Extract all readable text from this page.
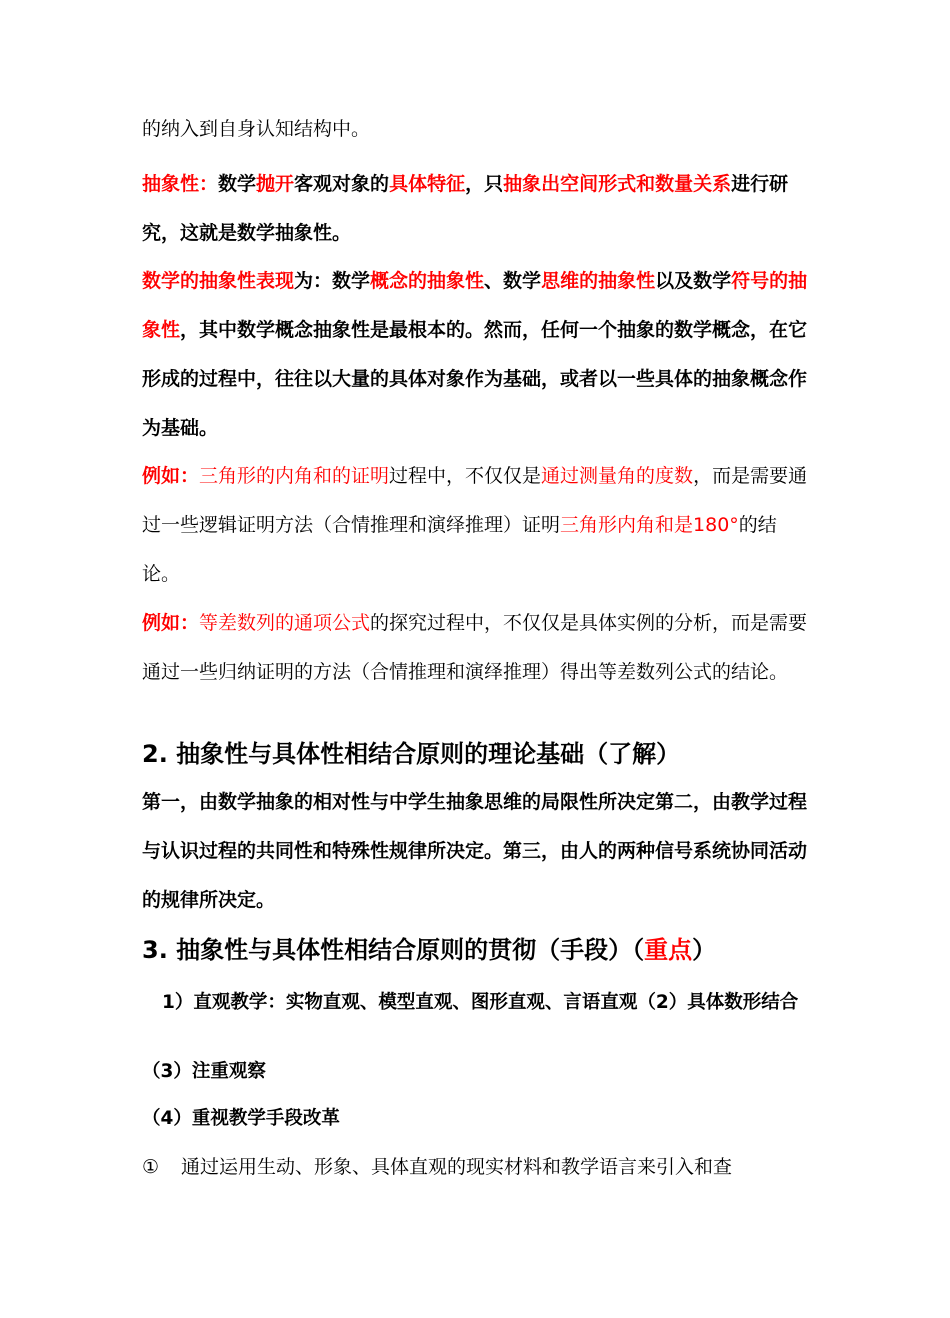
的纳入到自身认知结构中。

抽象性：数学抛开客观对象的具体特征，只抽象出空间形式和数量关系进行研究，这就是数学抽象性。

数学的抽象性表现为：数学概念的抽象性、数学思维的抽象性以及数学符号的抽象性，其中数学概念抽象性是最根本的。然而，任何一个抽象的数学概念，在它形成的过程中，往往以大量的具体对象作为基础，或者以一些具体的抽象概念作为基础。

例如：三角形的内角和的证明过程中，不仅仅是通过测量角的度数，而是需要通过一些逻辑证明方法（合情推理和演绎推理）证明三角形内角和是180°的结论。

例如：等差数列的通项公式的探究过程中，不仅仅是具体实例的分析，而是需要通过一些归纳证明的方法（合情推理和演绎推理）得出等差数列公式的结论。

2. 抽象性与具体性相结合原则的理论基础（了解）

第一，由数学抽象的相对性与中学生抽象思维的局限性所决定第二，由教学过程与认识过程的共同性和特殊性规律所决定。第三，由人的两种信号系统协同活动的规律所决定。

3. 抽象性与具体性相结合原则的贯彻（手段）（重点）

1）直观教学：实物直观、模型直观、图形直观、言语直观（2）具体数形结合

（3）注重观察

（4）重视教学手段改革

① 通过运用生动、形象、具体直观的现实材料和教学语言来引入和查
